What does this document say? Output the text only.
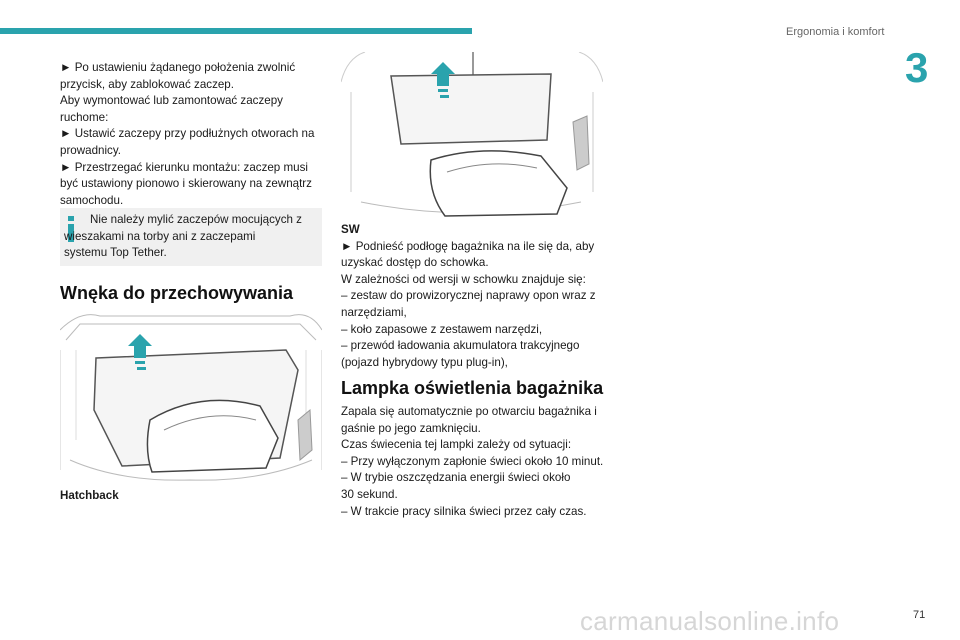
Ergonomia i komfort
3

► Po ustawieniu żądanego położenia zwolnić

przycisk, aby zablokować zaczep.

Aby wymontować lub zamontować zaczepy

ruchome:

► Ustawić zaczepy przy podłużnych otworach na

prowadnicy.

► Przestrzegać kierunku montażu: zaczep musi

być ustawiony pionowo i skierowany na zewnątrz

samochodu.

Nie należy mylić zaczepów mocujących z
wieszakami na torby ani z zaczepami
systemu Top Tether.
Wnęka do przechowywania
Hatchback

SW

► Podnieść podłogę bagażnika na ile się da, aby

uzyskać dostęp do schowka.

W zależności od wersji w schowku znajduje się:

– zestaw do prowizorycznej naprawy opon wraz z

narzędziami,

– koło zapasowe z zestawem narzędzi,

– przewód ładowania akumulatora trakcyjnego

(pojazd hybrydowy typu plug-in),

Lampka oświetlenia bagażnika

Zapala się automatycznie po otwarciu bagażnika i

gaśnie po jego zamknięciu.

Czas świecenia tej lampki zależy od sytuacji:

– Przy wyłączonym zapłonie świeci około 10 minut.

– W trybie oszczędzania energii świeci około

30 sekund.

– W trakcie pracy silnika świeci przez cały czas.

carmanualsonline.info	71
